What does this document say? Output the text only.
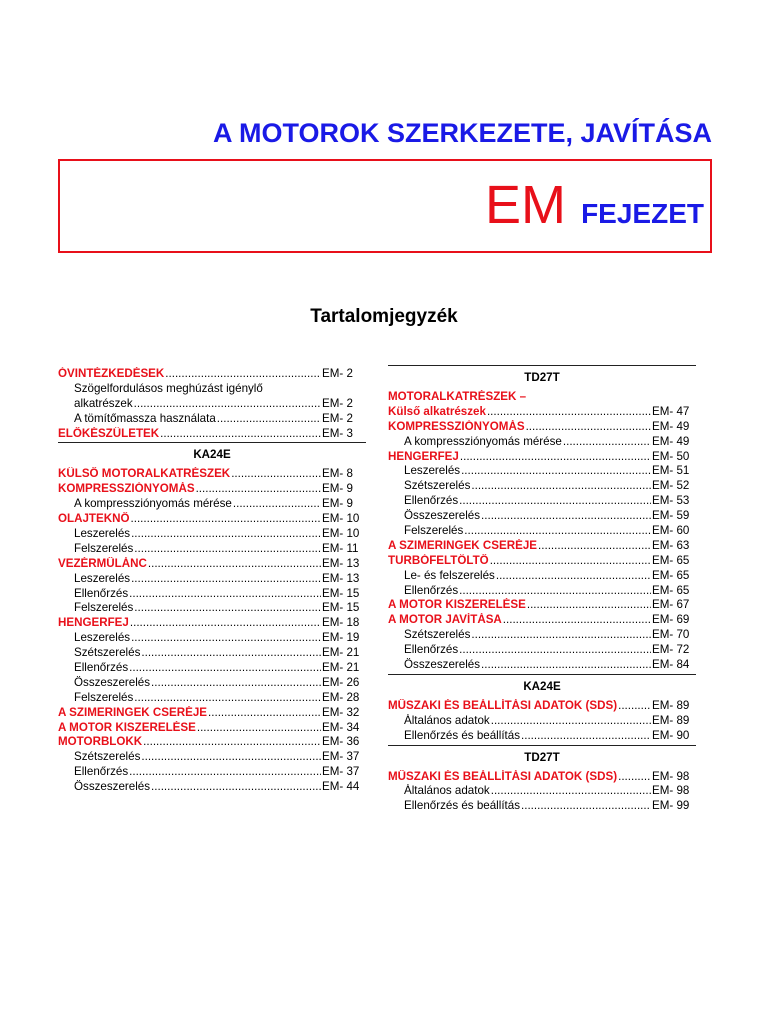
A MOTOROK SZERKEZETE, JAVÍTÁSA
EM FEJEZET
Tartalomjegyzék
ÓVINTÉZKEDÉSEK .....	EM- 2
Szögelfordulásos meghúzást igénylő
alkatrészek .....	EM- 2
A tömítőmassza használata .....	EM- 2
ELŐKÉSZÜLETEK .....	EM- 3
KA24E
KÜLSŐ MOTORALKATRÉSZEK .....	EM- 8
KOMPRESSZIÓNYOMÁS .....	EM- 9
A kompressziónyomás mérése .....	EM- 9
OLAJTEKNŐ .....	EM- 10
Leszerelés .....	EM- 10
Felszerelés .....	EM- 11
VEZÉRMŰLÁNC .....	EM- 13
Leszerelés .....	EM- 13
Ellenőrzés .....	EM- 15
Felszerelés .....	EM- 15
HENGERFEJ .....	EM- 18
Leszerelés .....	EM- 19
Szétszerelés .....	EM- 21
Ellenőrzés .....	EM- 21
Összeszerelés .....	EM- 26
Felszerelés .....	EM- 28
A SZIMERINGEK CSERÉJE .....	EM- 32
A MOTOR KISZERELÉSE .....	EM- 34
MOTORBLOKK .....	EM- 36
Szétszerelés .....	EM- 37
Ellenőrzés .....	EM- 37
Összeszerelés .....	EM- 44
TD27T
MOTORALKATRÉSZEK –
Külső alkatrészek .....	EM- 47
KOMPRESSZIÓNYOMÁS .....	EM- 49
A kompressziónyomás mérése .....	EM- 49
HENGERFEJ .....	EM- 50
Leszerelés .....	EM- 51
Szétszerelés .....	EM- 52
Ellenőrzés .....	EM- 53
Összeszerelés .....	EM- 59
Felszerelés .....	EM- 60
A SZIMERINGEK CSERÉJE .....	EM- 63
TURBÓFELTÖLTŐ .....	EM- 65
Le- és felszerelés .....	EM- 65
Ellenőrzés .....	EM- 65
A MOTOR KISZERELÉSE .....	EM- 67
A MOTOR JAVÍTÁSA .....	EM- 69
Szétszerelés .....	EM- 70
Ellenőrzés .....	EM- 72
Összeszerelés .....	EM- 84
KA24E
MŰSZAKI ÉS BEÁLLÍTÁSI ADATOK (SDS) .....	EM- 89
Általános adatok .....	EM- 89
Ellenőrzés és beállítás .....	EM- 90
TD27T
MŰSZAKI ÉS BEÁLLÍTÁSI ADATOK (SDS) .....	EM- 98
Általános adatok .....	EM- 98
Ellenőrzés és beállítás .....	EM- 99
